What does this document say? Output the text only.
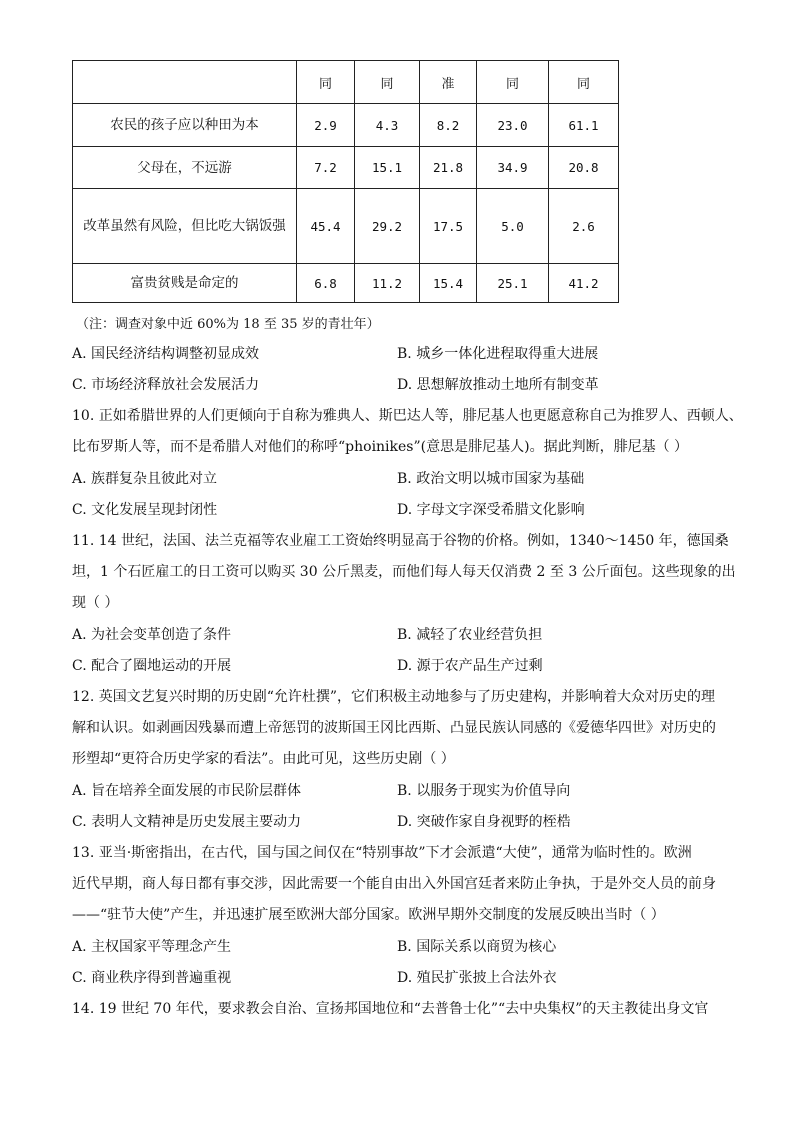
	同	同	准	同	同
农民的孩子应以种田为本	2.9	4.3	8.2	23.0	61.1
父母在，不远游	7.2	15.1	21.8	34.9	20.8
改革虽然有风险，但比吃大锅饭强	45.4	29.2	17.5	5.0	2.6
富贵贫贱是命定的	6.8	11.2	15.4	25.1	41.2
（注：调查对象中近 60%为 18 至 35 岁的青壮年）
A. 国民经济结构调整初显成效	B. 城乡一体化进程取得重大进展
C. 市场经济释放社会发展活力	D. 思想解放推动土地所有制变革
10. 正如希腊世界的人们更倾向于自称为雅典人、斯巴达人等，腓尼基人也更愿意称自己为推罗人、西顿人、
比布罗斯人等，而不是希腊人对他们的称呼“phoinikes”(意思是腓尼基人)。据此判断，腓尼基（ ）
A. 族群复杂且彼此对立	B. 政治文明以城市国家为基础
C. 文化发展呈现封闭性	D. 字母文字深受希腊文化影响
11. 14 世纪，法国、法兰克福等农业雇工工资始终明显高于谷物的价格。例如，1340～1450 年，德国桑
坦，1 个石匠雇工的日工资可以购买 30 公斤黑麦，而他们每人每天仅消费 2 至 3 公斤面包。这些现象的出
现（ ）
A. 为社会变革创造了条件	B. 减轻了农业经营负担
C. 配合了圈地运动的开展	D. 源于农产品生产过剩
12. 英国文艺复兴时期的历史剧“允许杜撰”，它们积极主动地参与了历史建构，并影响着大众对历史的理
解和认识。如剥画因残暴而遭上帝惩罚的波斯国王冈比西斯、凸显民族认同感的《爱德华四世》对历史的
形塑却“更符合历史学家的看法”。由此可见，这些历史剧（ ）
A. 旨在培养全面发展的市民阶层群体	B. 以服务于现实为价值导向
C. 表明人文精神是历史发展主要动力	D. 突破作家自身视野的桎梏
13. 亚当·斯密指出，在古代，国与国之间仅在“特别事故”下才会派遣“大使”，通常为临时性的。欧洲
近代早期，商人每日都有事交涉，因此需要一个能自由出入外国宫廷者来防止争执，于是外交人员的前身
——“驻节大使”产生，并迅速扩展至欧洲大部分国家。欧洲早期外交制度的发展反映出当时（ ）
A. 主权国家平等理念产生	B. 国际关系以商贸为核心
C. 商业秩序得到普遍重视	D. 殖民扩张披上合法外衣
14. 19 世纪 70 年代，要求教会自治、宣扬邦国地位和“去普鲁士化”“去中央集权”的天主教徒出身文官
